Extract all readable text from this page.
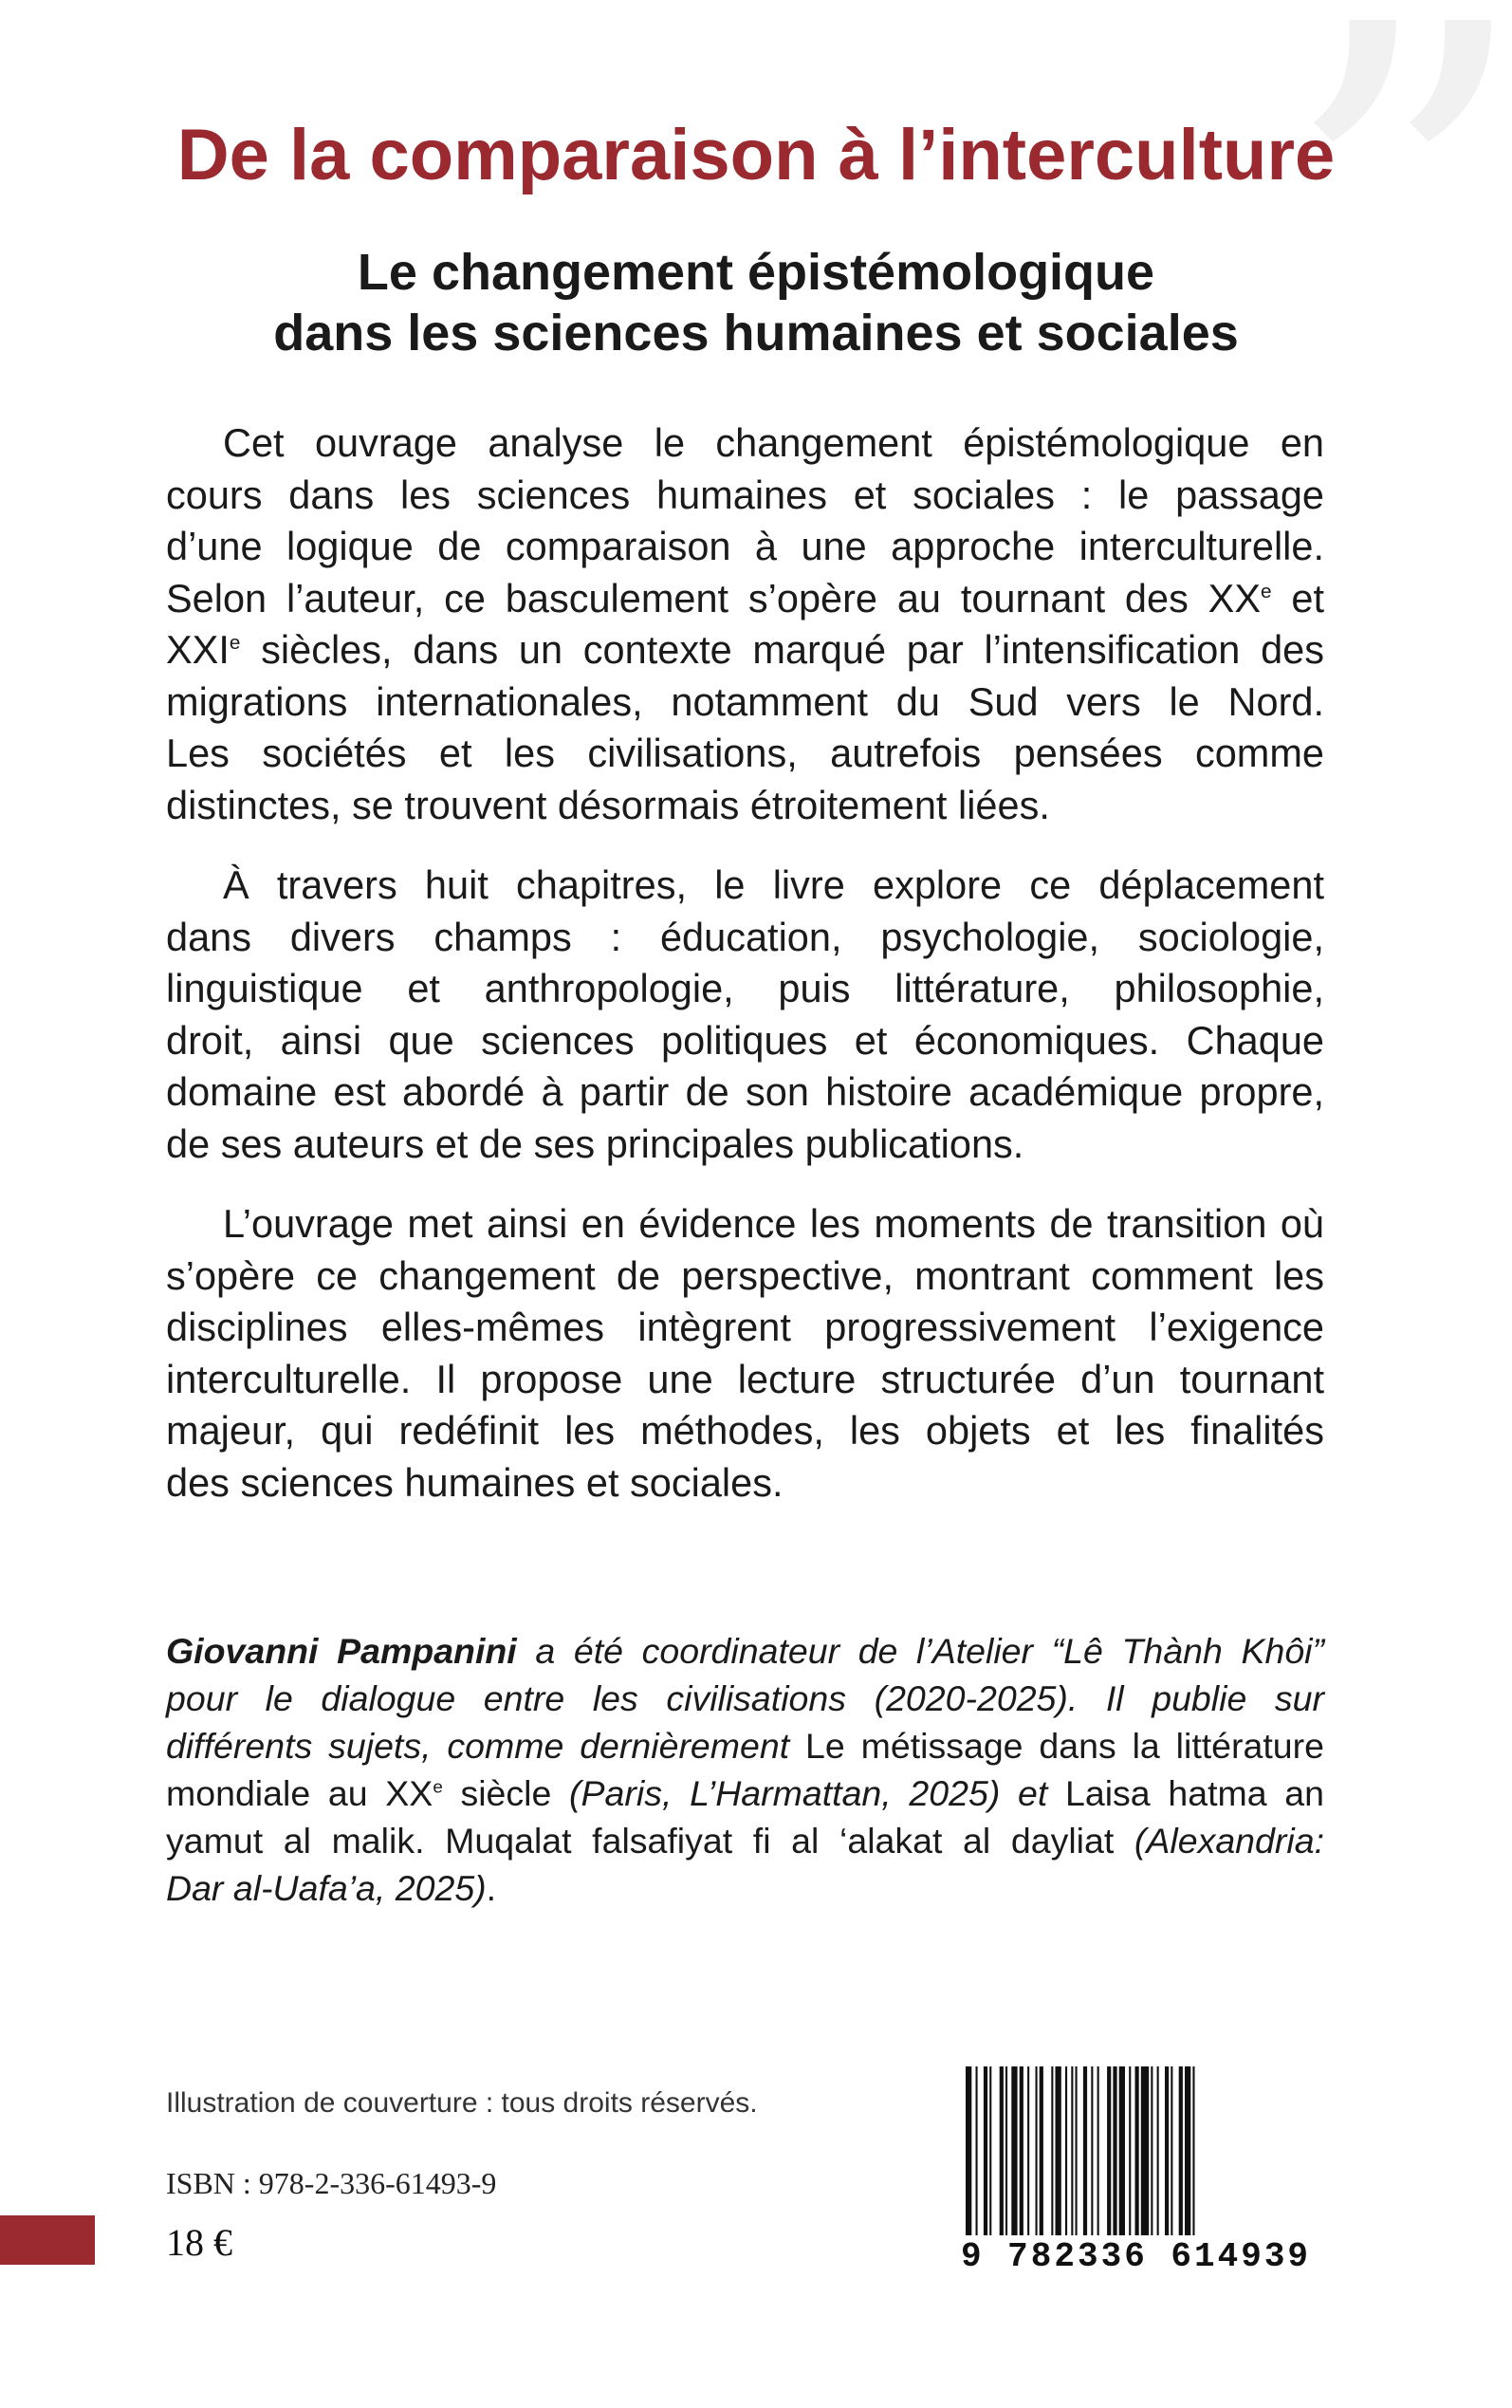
”
De la comparaison à l’interculture
Le changement épistémologique
dans les sciences humaines et sociales

Cet ouvrage analyse le changement épistémologique en
cours dans les sciences humaines et sociales : le passage
d’une logique de comparaison à une approche interculturelle.
Selon l’auteur, ce basculement s’opère au tournant des XXe et
XXIe siècles, dans un contexte marqué par l’intensification des
migrations internationales, notamment du Sud vers le Nord.
Les sociétés et les civilisations, autrefois pensées comme
distinctes, se trouvent désormais étroitement liées.

À travers huit chapitres, le livre explore ce déplacement
dans divers champs : éducation, psychologie, sociologie,
linguistique et anthropologie, puis littérature, philosophie,
droit, ainsi que sciences politiques et économiques. Chaque
domaine est abordé à partir de son histoire académique propre,
de ses auteurs et de ses principales publications.

L’ouvrage met ainsi en évidence les moments de transition où
s’opère ce changement de perspective, montrant comment les
disciplines elles-mêmes intègrent progressivement l’exigence
interculturelle. Il propose une lecture structurée d’un tournant
majeur, qui redéfinit les méthodes, les objets et les finalités
des sciences humaines et sociales.

Giovanni Pampanini a été coordinateur de l’Atelier “Lê Thành Khôi”
pour le dialogue entre les civilisations (2020-2025). Il publie sur
différents sujets, comme dernièrement Le métissage dans la littérature
mondiale au XXe siècle (Paris, L’Harmattan, 2025) et Laisa hatma an
yamut al malik. Muqalat falsafiyat fi al ‘alakat al dayliat (Alexandria:
Dar al-Uafa’a, 2025).
Illustration de couverture : tous droits réservés.
ISBN : 978-2-336-61493-9
18 €	9 782336 614939
